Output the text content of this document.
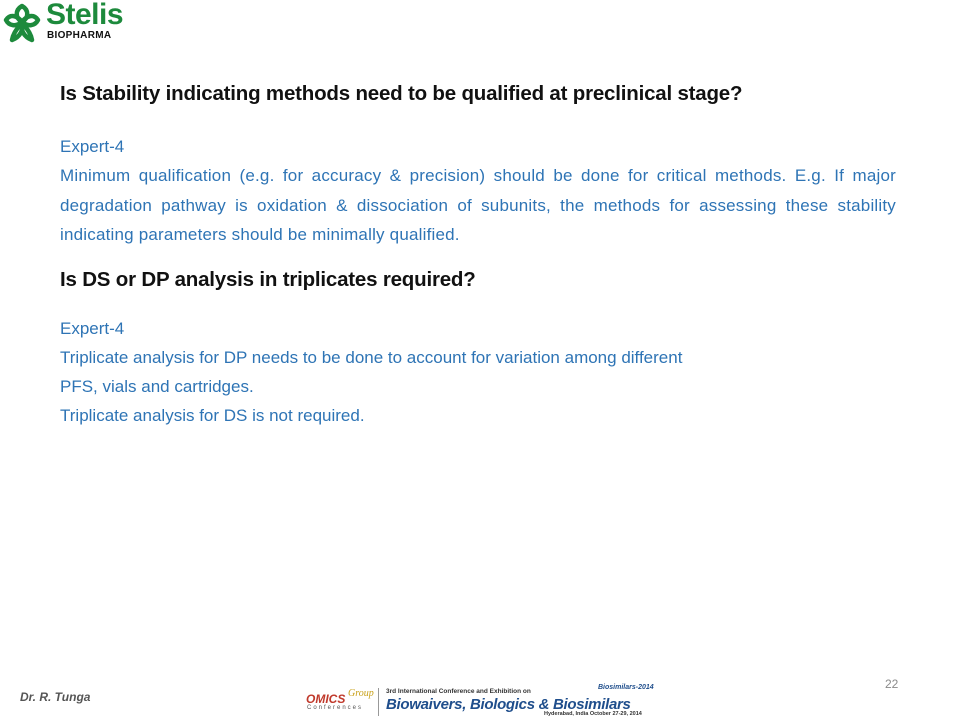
Stelis
BIOPHARMA

Is Stability indicating methods need to be qualified at preclinical stage?

Expert-4

Minimum qualification (e.g. for accuracy & precision) should be done for critical methods. E.g. If major degradation pathway is oxidation & dissociation of subunits, the methods for assessing these stability indicating parameters should be minimally qualified.

Is DS or DP analysis in triplicates required?

Expert-4

Triplicate analysis for DP needs to be done to account for variation among different

PFS, vials and cartridges.

Triplicate analysis for DS is not required.

Dr. R. Tunga
22
OMICS Group
Conferences
3rd International Conference and Exhibition on
Biowaivers, Biologics & Biosimilars
Biosimilars-2014
Hyderabad, India October 27-29, 2014
